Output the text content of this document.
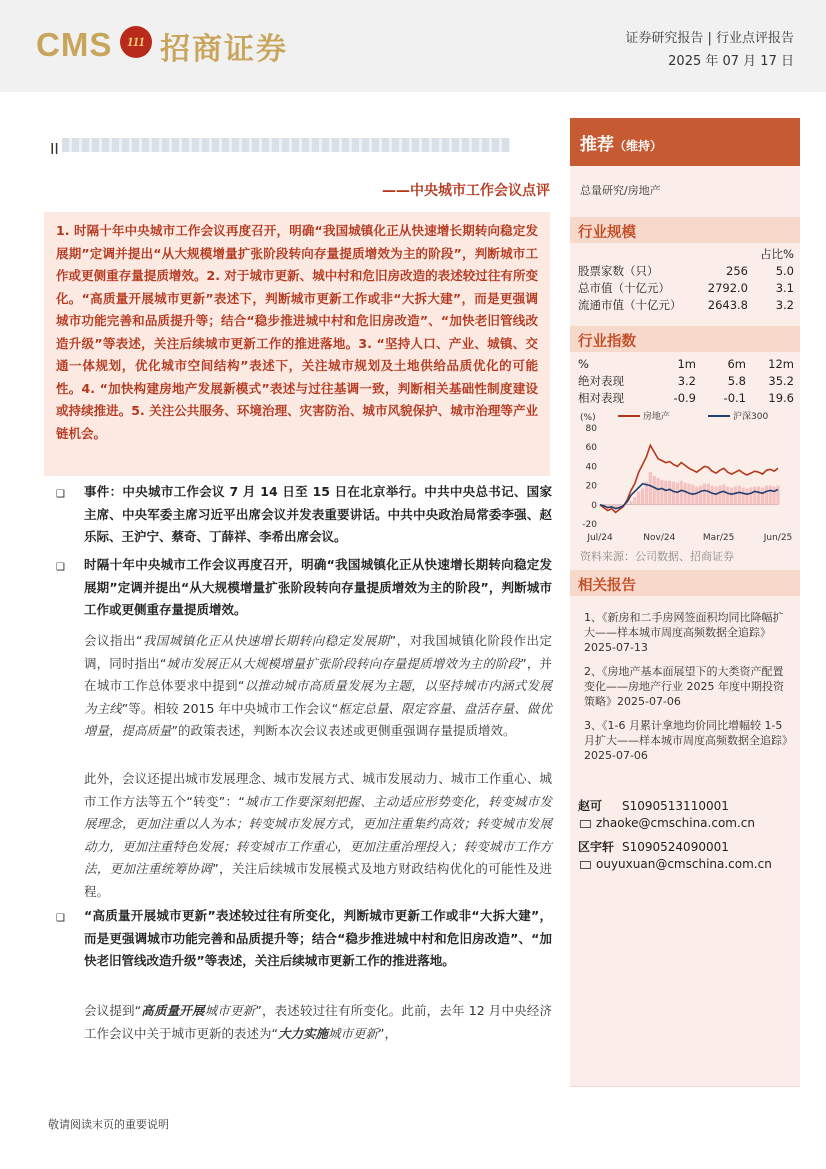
CMS	111 招商证券	证券研究报告 | 行业点评报告
2025 年 07 月 17 日
II
——中央城市工作会议点评

1. 时隔十年中央城市工作会议再度召开，明确“我国城镇化正从快速增长期转向稳定发展期”定调并提出“从大规模增量扩张阶段转向存量提质增效为主的阶段”，判断城市工作或更侧重存量提质增效。2. 对于城市更新、城中村和危旧房改造的表述较过往有所变化。“高质量开展城市更新”表述下，判断城市更新工作或非“大拆大建”，而是更强调城市功能完善和品质提升等；结合“稳步推进城中村和危旧房改造”、“加快老旧管线改造升级”等表述，关注后续城市更新工作的推进落地。3. “坚持人口、产业、城镇、交通一体规划，优化城市空间结构”表述下，关注城市规划及土地供给品质优化的可能性。4. “加快构建房地产发展新模式”表述与过往基调一致，判断相关基础性制度建设或持续推进。5. 关注公共服务、环境治理、灾害防治、城市风貌保护、城市治理等产业链机会。

❑ 事件：中央城市工作会议 7 月 14 日至 15 日在北京举行。中共中央总书记、国家主席、中央军委主席习近平出席会议并发表重要讲话。中共中央政治局常委李强、赵乐际、王沪宁、蔡奇、丁薛祥、李希出席会议。
❑ 时隔十年中央城市工作会议再度召开，明确“我国城镇化正从快速增长期转向稳定发展期”定调并提出“从大规模增量扩张阶段转向存量提质增效为主的阶段”，判断城市工作或更侧重存量提质增效。
会议指出“我国城镇化正从快速增长期转向稳定发展期”，对我国城镇化阶段作出定调，同时指出“城市发展正从大规模增量扩张阶段转向存量提质增效为主的阶段”，并在城市工作总体要求中提到“以推动城市高质量发展为主题，以坚持城市内涵式发展为主线”等。相较 2015 年中央城市工作会议“框定总量、限定容量、盘活存量、做优增量，提高质量”的政策表述，判断本次会议表述或更侧重强调存量提质增效。
此外，会议还提出城市发展理念、城市发展方式、城市发展动力、城市工作重心、城市工作方法等五个“转变”：“城市工作要深刻把握、主动适应形势变化，转变城市发展理念，更加注重以人为本；转变城市发展方式，更加注重集约高效；转变城市发展动力，更加注重特色发展；转变城市工作重心，更加注重治理投入；转变城市工作方法，更加注重统筹协调”，关注后续城市发展模式及地方财政结构优化的可能性及进程。
❑ “高质量开展城市更新”表述较过往有所变化，判断城市更新工作或非“大拆大建”，而是更强调城市功能完善和品质提升等；结合“稳步推进城中村和危旧房改造”、“加快老旧管线改造升级”等表述，关注后续城市更新工作的推进落地。
会议提到“高质量开展城市更新”，表述较过往有所变化。此前，去年 12 月中央经济工作会议中关于城市更新的表述为“大力实施城市更新”，
敬请阅读末页的重要说明
推荐（维持）
总量研究/房地产
行业规模
占比%
股票家数（只）	256	5.0
总市值（十亿元）	2792.0	3.1
流通市值（十亿元）	2643.8	3.2
行业指数
%	1m	6m	12m
绝对表现	3.2	5.8	35.2
相对表现	-0.9	-0.1	19.6
(%)	房地产	沪深300
-20
0
20
40
60
80
Jul/24	Nov/24	Mar/25	Jun/25
资料来源：公司数据、招商证券
相关报告
1、《新房和二手房网签面积均同比降幅扩大——样本城市周度高频数据全追踪》2025-07-13
2、《房地产基本面展望下的大类资产配置变化——房地产行业 2025 年度中期投资策略》2025-07-06
3、《1-6 月累计拿地均价同比增幅较 1-5 月扩大——样本城市周度高频数据全追踪》2025-07-06
赵可 S1090513110001
zhaoke@cmschina.com.cn
区宇轩 S1090524090001
ouyuxuan@cmschina.com.cn
